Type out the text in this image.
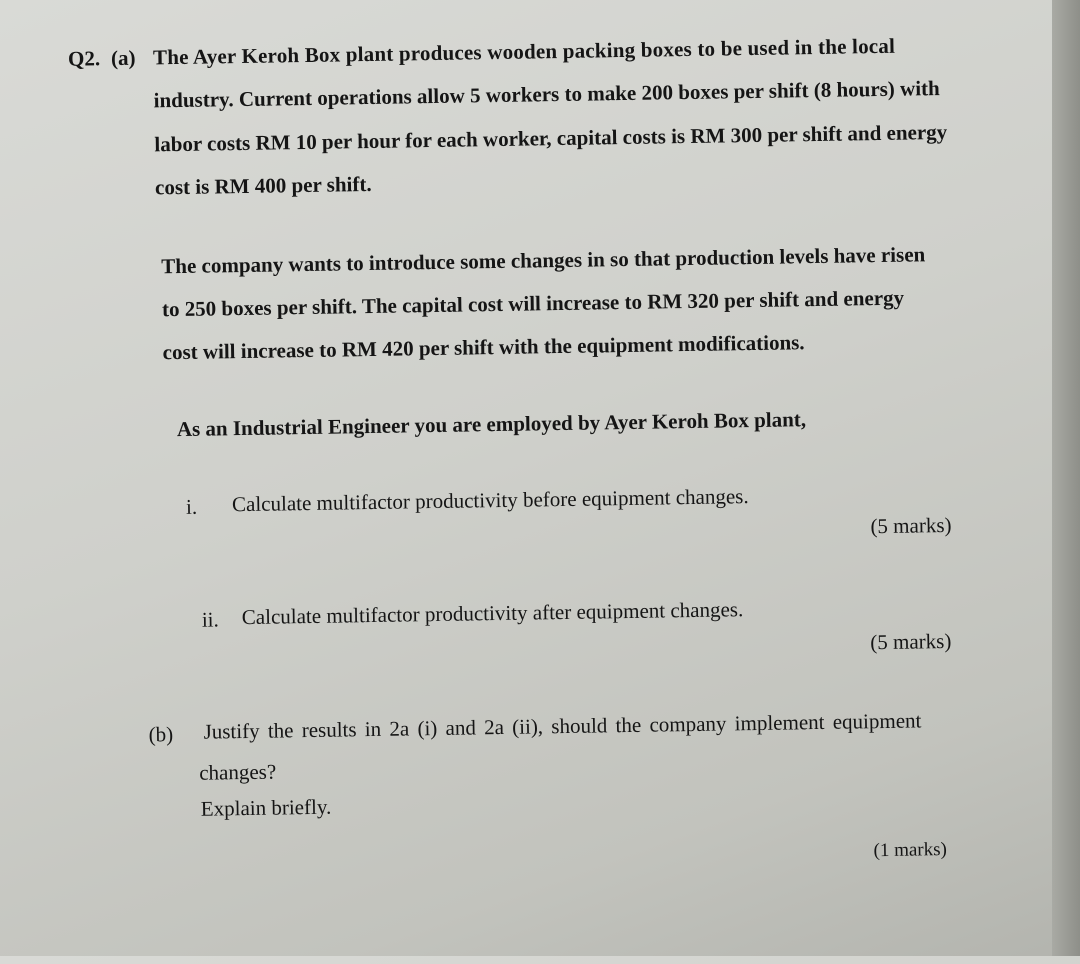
Q2. (a) The Ayer Keroh Box plant produces wooden packing boxes to be used in the local
industry. Current operations allow 5 workers to make 200 boxes per shift (8 hours) with
labor costs RM 10 per hour for each worker, capital costs is RM 300 per shift and energy
cost is RM 400 per shift.
The company wants to introduce some changes in so that production levels have risen
to 250 boxes per shift. The capital cost will increase to RM 320 per shift and energy
cost will increase to RM 420 per shift with the equipment modifications.
As an Industrial Engineer you are employed by Ayer Keroh Box plant,
i. Calculate multifactor productivity before equipment changes.
(5 marks)
ii. Calculate multifactor productivity after equipment changes.
(5 marks)
(b) Justify the results in 2a (i) and 2a (ii), should the company implement equipment
changes?
Explain briefly.
(1 marks)
